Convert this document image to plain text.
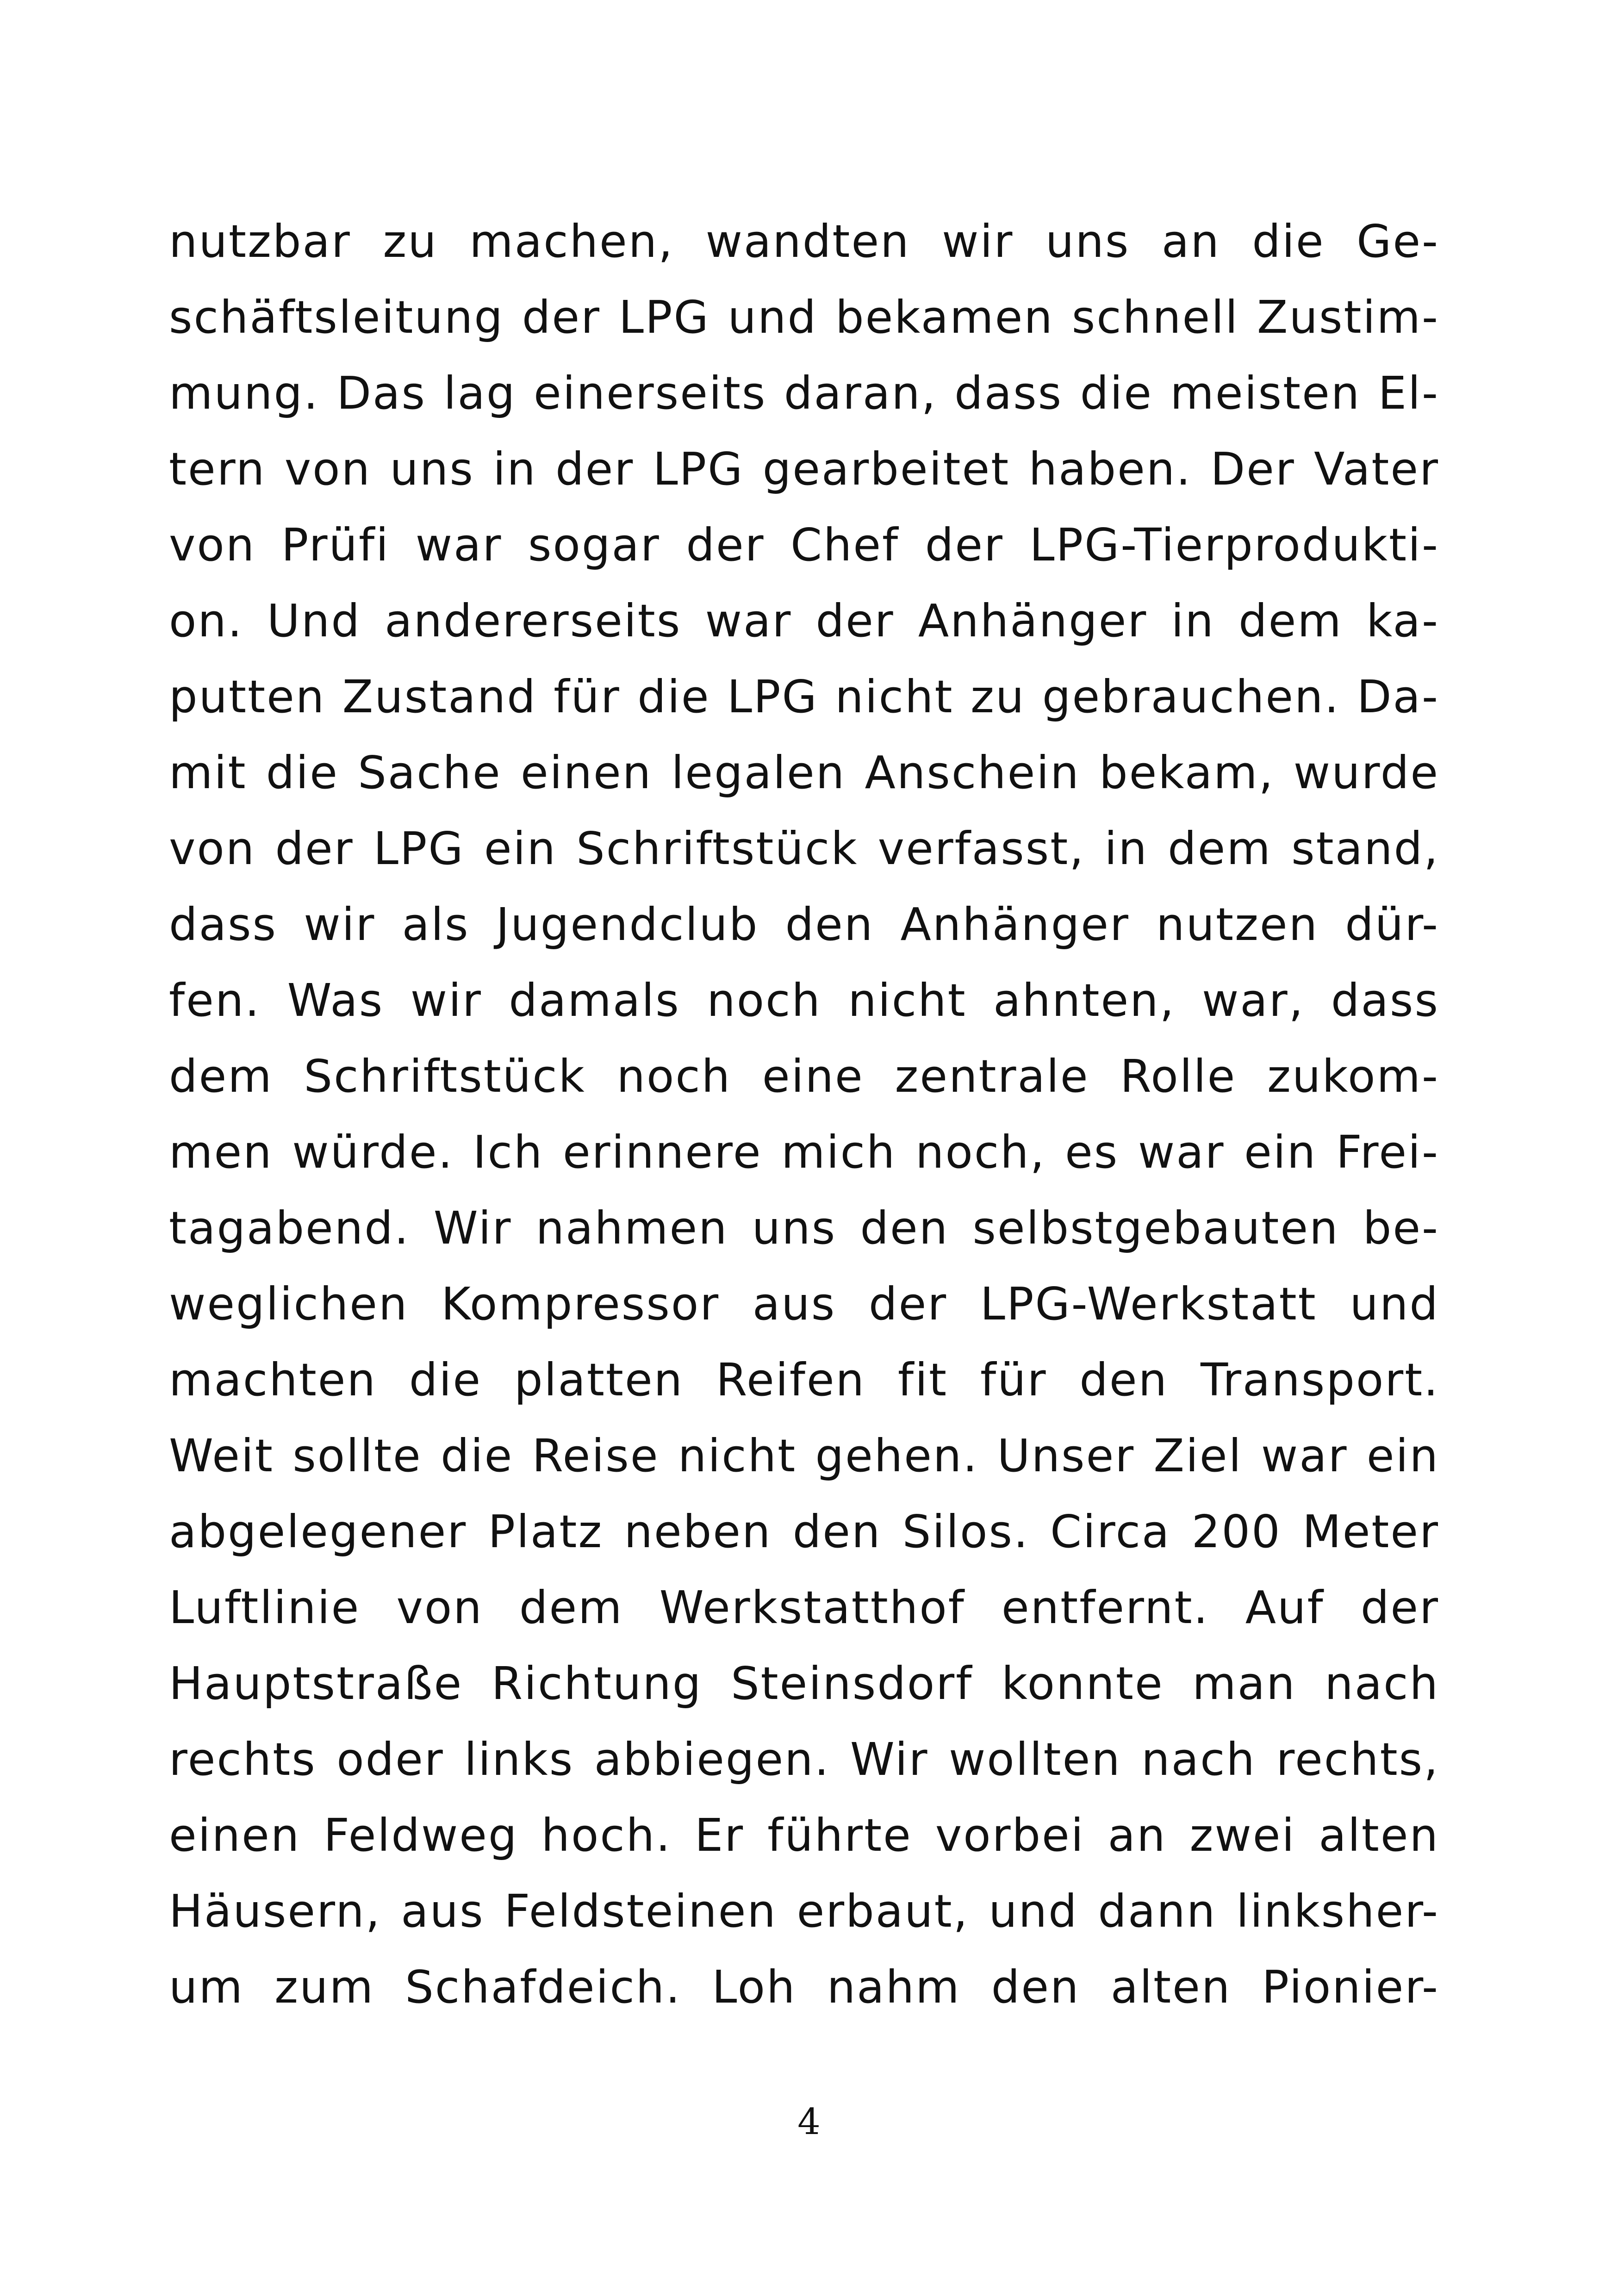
nutzbar zu machen, wandten wir uns an die Ge-
schäftsleitung der LPG und bekamen schnell Zustim-
mung. Das lag einerseits daran, dass die meisten El-
tern von uns in der LPG gearbeitet haben. Der Vater
von Prüfi war sogar der Chef der LPG-Tierprodukti-
on. Und andererseits war der Anhänger in dem ka-
putten Zustand für die LPG nicht zu gebrauchen. Da-
mit die Sache einen legalen Anschein bekam, wurde
von der LPG ein Schriftstück verfasst, in dem stand,
dass wir als Jugendclub den Anhänger nutzen dür-
fen. Was wir damals noch nicht ahnten, war, dass
dem Schriftstück noch eine zentrale Rolle zukom-
men würde. Ich erinnere mich noch, es war ein Frei-
tagabend. Wir nahmen uns den selbstgebauten be-
weglichen Kompressor aus der LPG-Werkstatt und
machten die platten Reifen fit für den Transport.
Weit sollte die Reise nicht gehen. Unser Ziel war ein
abgelegener Platz neben den Silos. Circa 200 Meter
Luftlinie von dem Werkstatthof entfernt. Auf der
Hauptstraße Richtung Steinsdorf konnte man nach
rechts oder links abbiegen. Wir wollten nach rechts,
einen Feldweg hoch. Er führte vorbei an zwei alten
Häusern, aus Feldsteinen erbaut, und dann linksher-
um zum Schafdeich. Loh nahm den alten Pionier-
4
